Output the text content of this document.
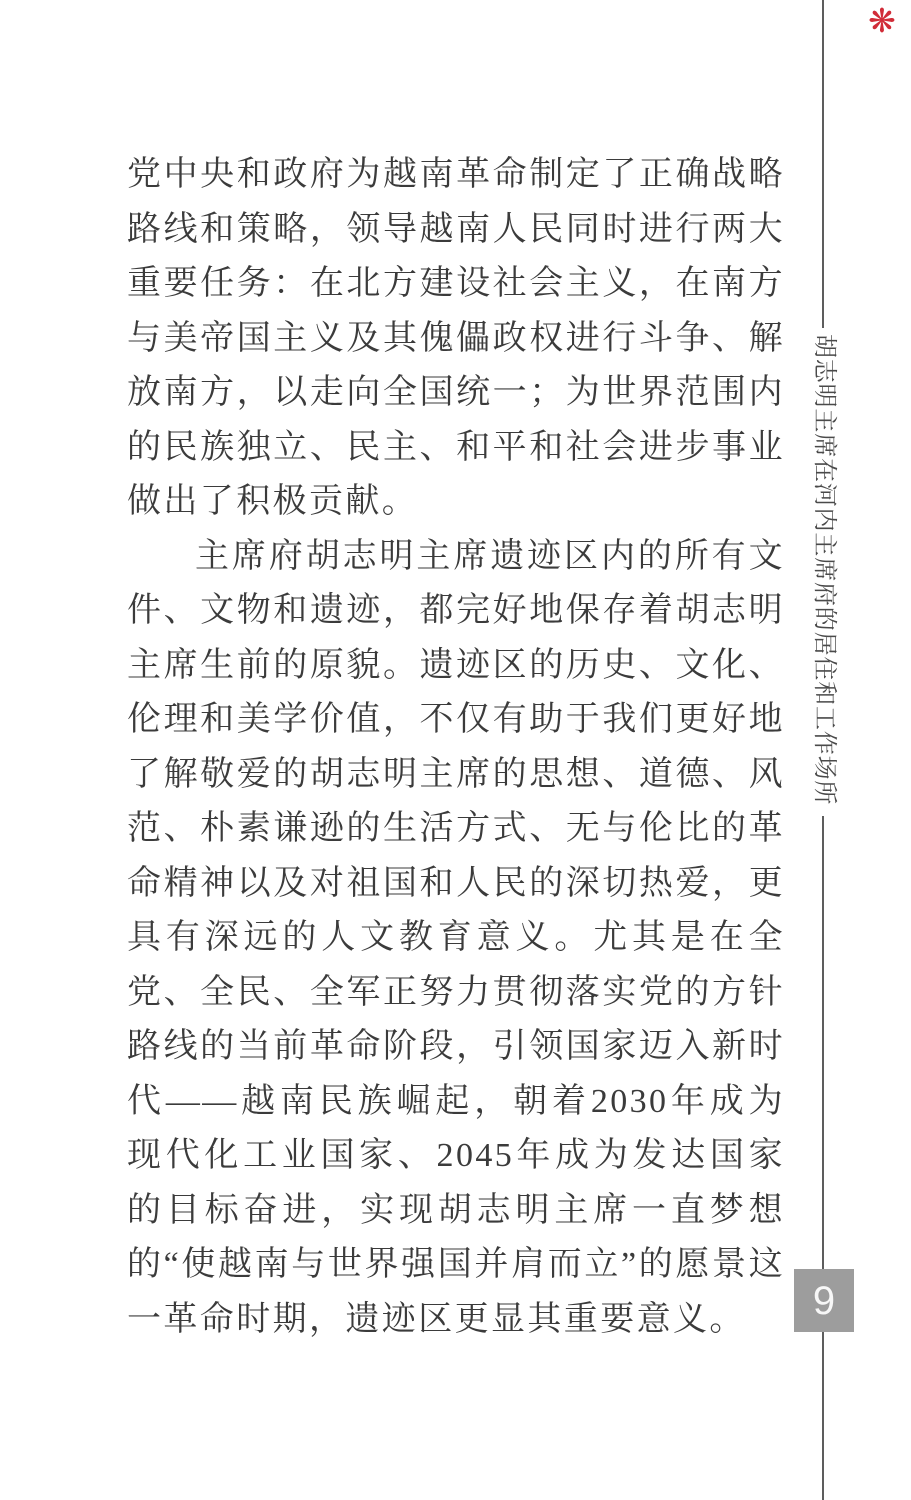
❋
胡志明主席在河内主席府的居住和工作场所
9

党中央和政府为越南革命制定了正确战略路线和策略，领导越南人民同时进行两大重要任务：在北方建设社会主义，在南方与美帝国主义及其傀儡政权进行斗争、解放南方，以走向全国统一；为世界范围内的民族独立、民主、和平和社会进步事业做出了积极贡献。

主席府胡志明主席遗迹区内的所有文件、文物和遗迹，都完好地保存着胡志明主席生前的原貌。遗迹区的历史、文化、伦理和美学价值，不仅有助于我们更好地了解敬爱的胡志明主席的思想、道德、风范、朴素谦逊的生活方式、无与伦比的革命精神以及对祖国和人民的深切热爱，更具有深远的人文教育意义。尤其是在全党、全民、全军正努力贯彻落实党的方针路线的当前革命阶段，引领国家迈入新时代——越南民族崛起，朝着2030年成为现代化工业国家、2045年成为发达国家的目标奋进，实现胡志明主席一直梦想的“使越南与世界强国并肩而立”的愿景这一革命时期，遗迹区更显其重要意义。
